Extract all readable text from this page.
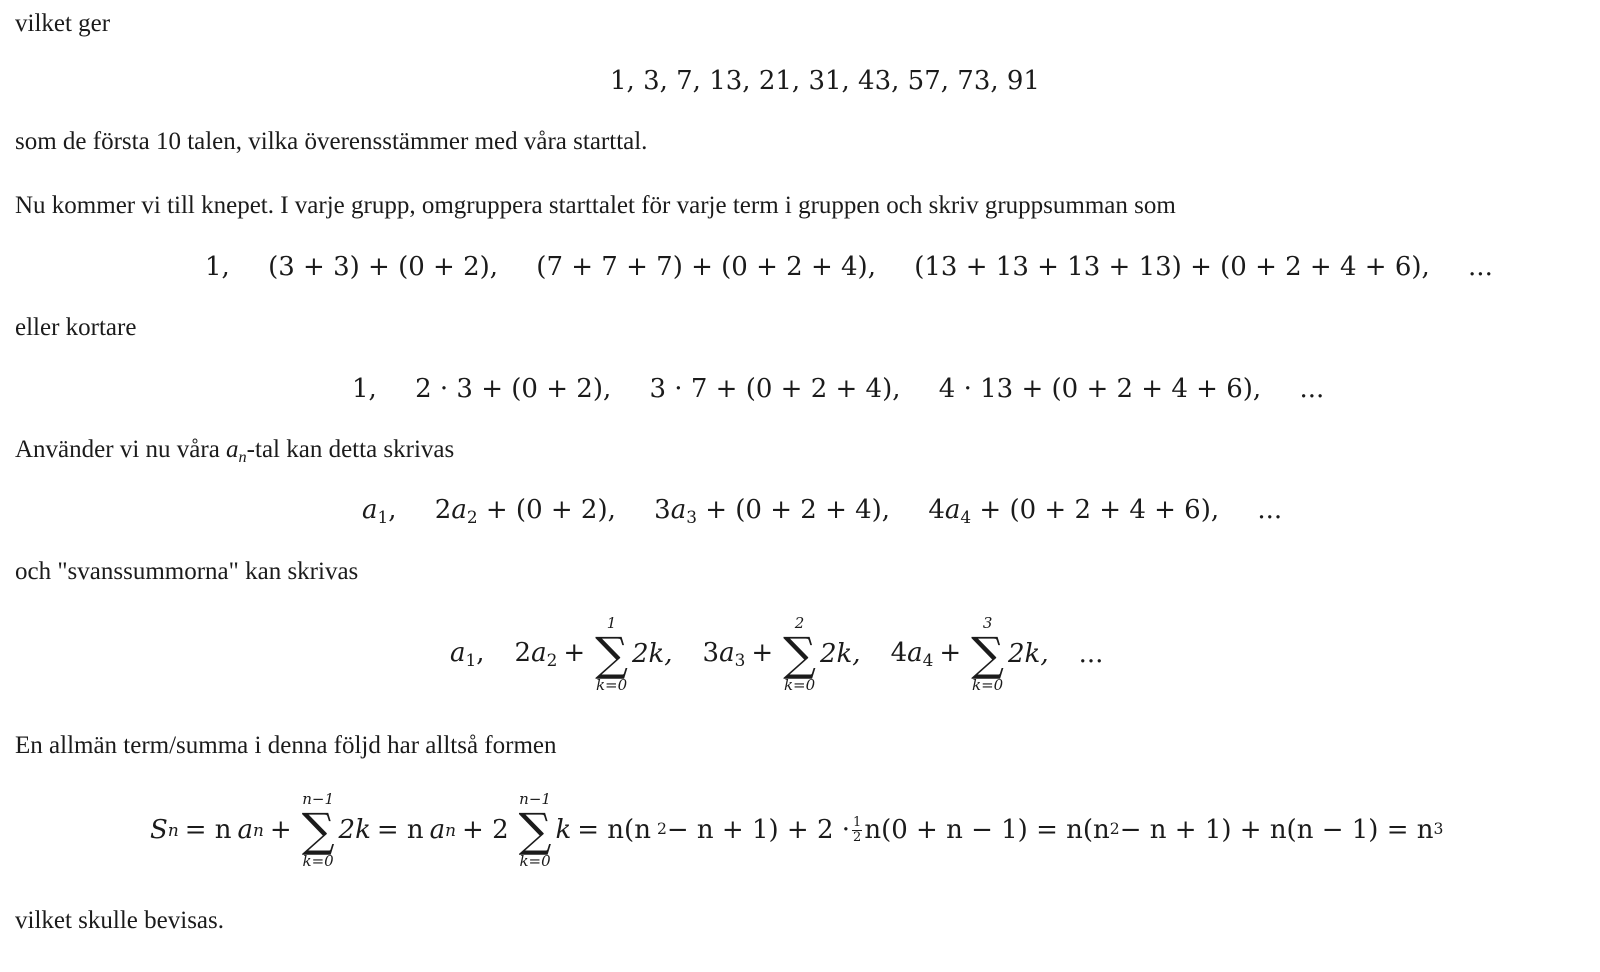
vilket ger
1, 3, 7, 13, 21, 31, 43, 57, 73, 91
som de första 10 talen, vilka överensstämmer med våra starttal.
Nu kommer vi till knepet. I varje grupp, omgruppera starttalet för varje term i gruppen och skriv gruppsumman som
1, (3 + 3) + (0 + 2), (7 + 7 + 7) + (0 + 2 + 4), (13 + 13 + 13 + 13) + (0 + 2 + 4 + 6), ...
eller kortare
1, 2 · 3 + (0 + 2), 3 · 7 + (0 + 2 + 4), 4 · 13 + (0 + 2 + 4 + 6), ...
Använder vi nu våra $a_n$-tal kan detta skrivas
$a_1$, $2a_2 + (0 + 2)$, $3a_3 + (0 + 2 + 4)$, $4a_4 + (0 + 2 + 4 + 6)$, ...
och "svanssummorna" kan skrivas
$a_1$, $2a_2$ +
1
∑
k=0
2k, $3a_3$ +
2
∑
k=0
2k, $4a_4$ +
3
∑
k=0
2k, ...
En allmän term/summa i denna följd har alltså formen
S n = n a n +
n−1
∑
k=0
2k = n a n + 2
n−1
∑
k=0
k = n(n $2 - n + 1) + 2 \cdot \frac{1}{2} n(0 + n - 1) = n(n$ 2 − n + 1) + n(n − 1) = n 3
vilket skulle bevisas.
